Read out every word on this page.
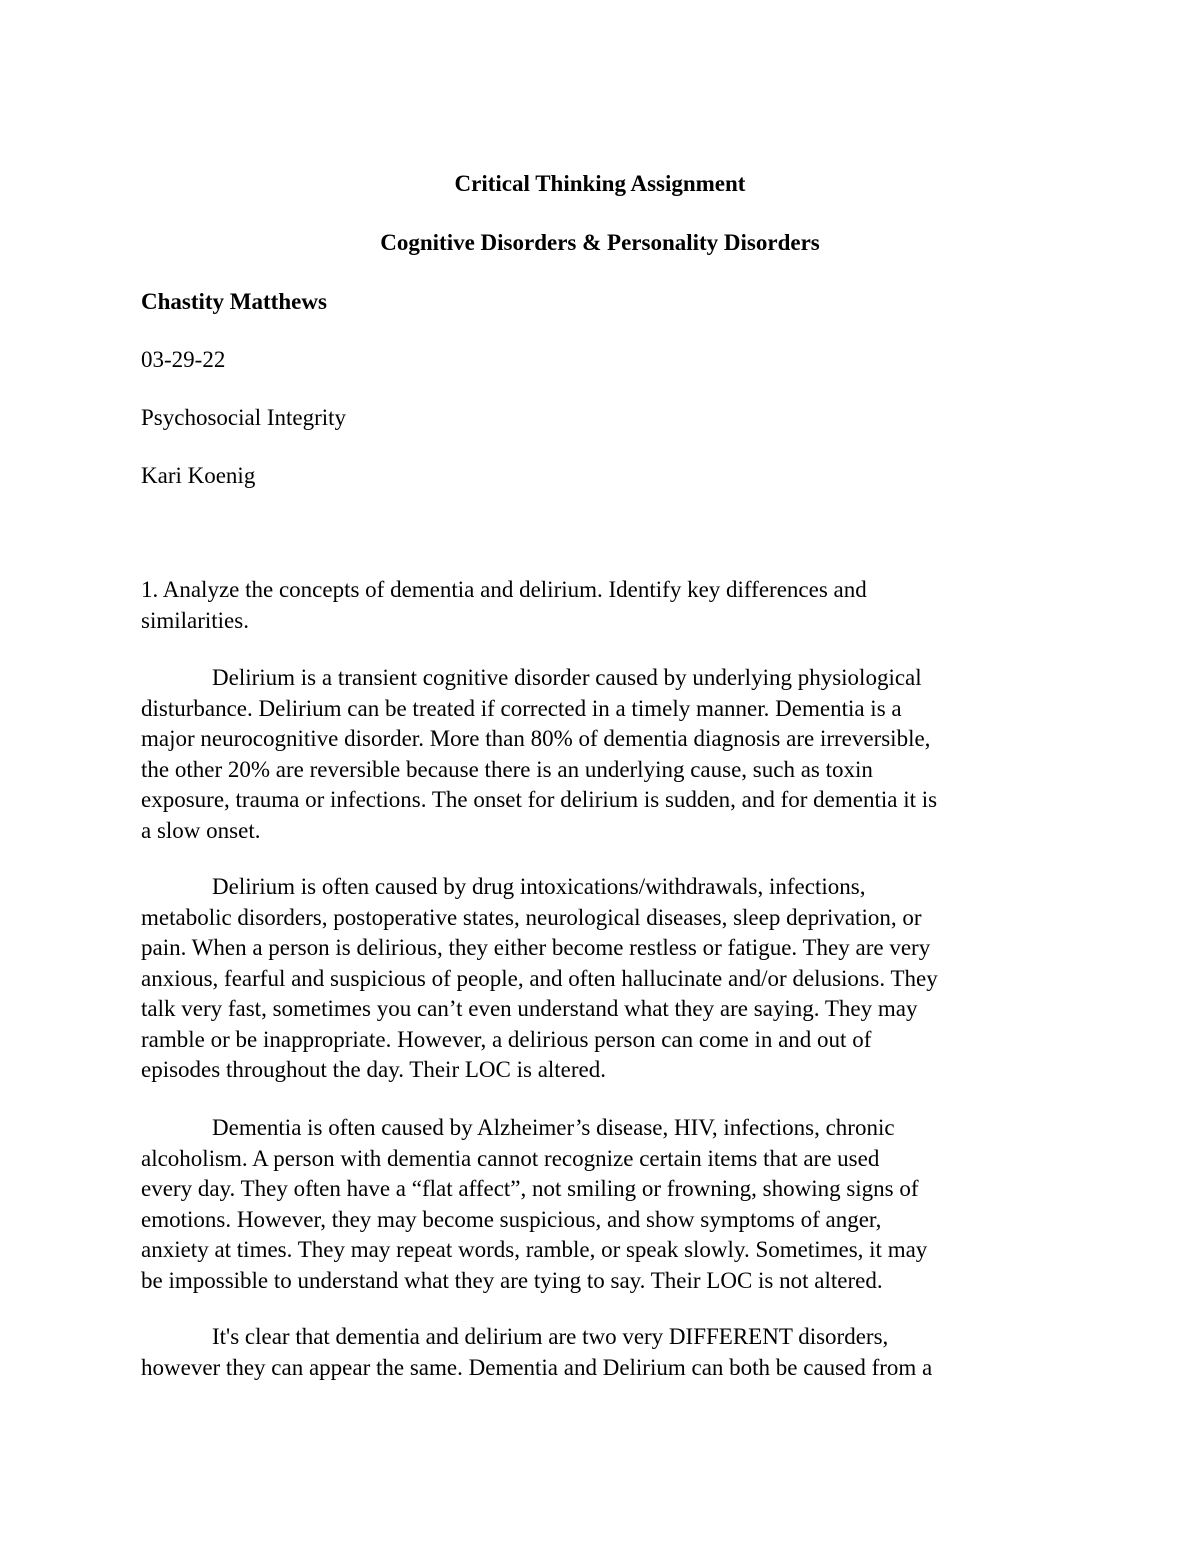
Critical Thinking Assignment
Cognitive Disorders & Personality Disorders
Chastity Matthews
03-29-22
Psychosocial Integrity
Kari Koenig
1. Analyze the concepts of dementia and delirium. Identify key differences and
similarities.
Delirium is a transient cognitive disorder caused by underlying physiological
disturbance. Delirium can be treated if corrected in a timely manner. Dementia is a
major neurocognitive disorder. More than 80% of dementia diagnosis are irreversible,
the other 20% are reversible because there is an underlying cause, such as toxin
exposure, trauma or infections. The onset for delirium is sudden, and for dementia it is
a slow onset.
Delirium is often caused by drug intoxications/withdrawals, infections,
metabolic disorders, postoperative states, neurological diseases, sleep deprivation, or
pain. When a person is delirious, they either become restless or fatigue. They are very
anxious, fearful and suspicious of people, and often hallucinate and/or delusions. They
talk very fast, sometimes you can’t even understand what they are saying. They may
ramble or be inappropriate. However, a delirious person can come in and out of
episodes throughout the day. Their LOC is altered.
Dementia is often caused by Alzheimer’s disease, HIV, infections, chronic
alcoholism. A person with dementia cannot recognize certain items that are used
every day. They often have a “flat affect”, not smiling or frowning, showing signs of
emotions. However, they may become suspicious, and show symptoms of anger,
anxiety at times. They may repeat words, ramble, or speak slowly. Sometimes, it may
be impossible to understand what they are tying to say. Their LOC is not altered.
It's clear that dementia and delirium are two very DIFFERENT disorders,
however they can appear the same. Dementia and Delirium can both be caused from a
